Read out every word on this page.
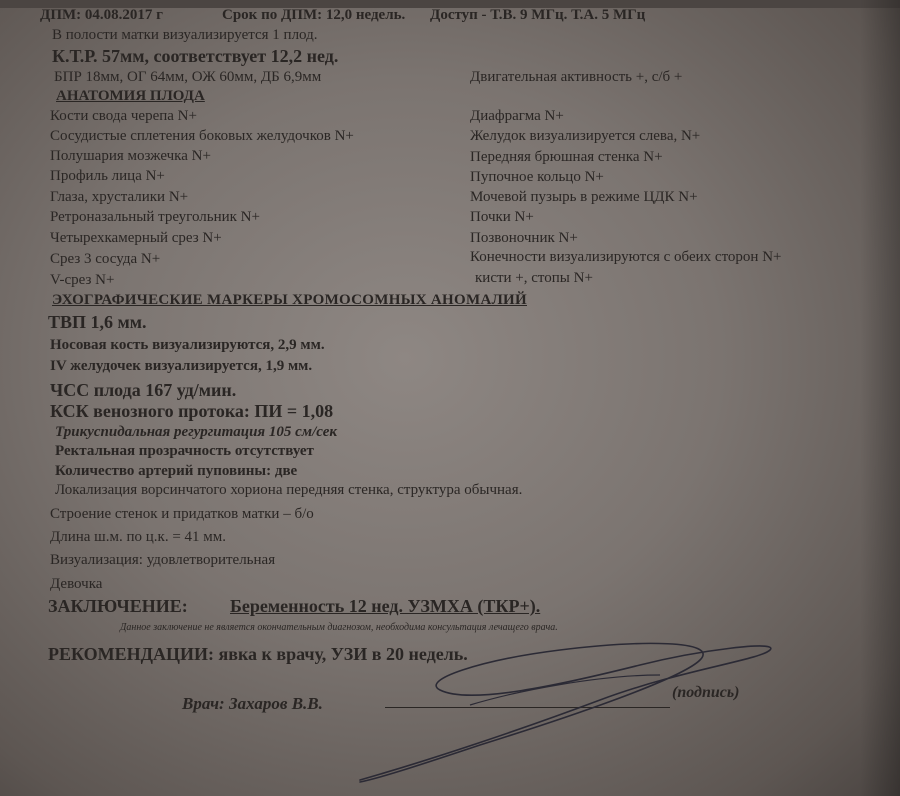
ДПМ: 04.08.2017 г	Срок по ДПМ: 12,0 недель. Доступ - Т.В. 9 МГц. Т.А. 5 МГц
В полости матки визуализируется 1 плод.
К.Т.Р. 57мм, соответствует 12,2 нед.
БПР 18мм, ОГ 64мм, ОЖ 60мм, ДБ 6,9мм	Двигательная активность +, с/б +
АНАТОМИЯ ПЛОДА
Кости свода черепа N+
Сосудистые сплетения боковых желудочков N+
Полушария мозжечка N+
Профиль лица N+
Глаза, хрусталики N+
Ретроназальный треугольник N+
Четырехкамерный срез N+
Срез 3 сосуда N+
V-срез N+
Диафрагма N+
Желудок визуализируется слева, N+
Передняя брюшная стенка N+
Пупочное кольцо N+
Мочевой пузырь в режиме ЦДК N+
Почки N+
Позвоночник N+
Конечности визуализируются с обеих сторон N+
кисти +, стопы N+
ЭХОГРАФИЧЕСКИЕ МАРКЕРЫ ХРОМОСОМНЫХ АНОМАЛИЙ
ТВП 1,6 мм.
Носовая кость визуализируются, 2,9 мм.
IV желудочек визуализируется, 1,9 мм.
ЧСС плода 167 уд/мин.
КСК венозного протока: ПИ = 1,08
Трикуспидальная регургитация 105 см/сек
Ректальная прозрачность отсутствует
Количество артерий пуповины: две
Локализация ворсинчатого хориона передняя стенка, структура обычная.
Строение стенок и придатков матки – б/о
Длина ш.м. по ц.к. = 41 мм.
Визуализация: удовлетворительная
Девочка
ЗАКЛЮЧЕНИЕ: Беременность 12 нед. УЗМХА (ТКР+).
Данное заключение не является окончательным диагнозом, необходима консультация лечащего врача.
РЕКОМЕНДАЦИИ: явка к врачу, УЗИ в 20 недель.
Врач: Захаров В.В.
(подпись)
